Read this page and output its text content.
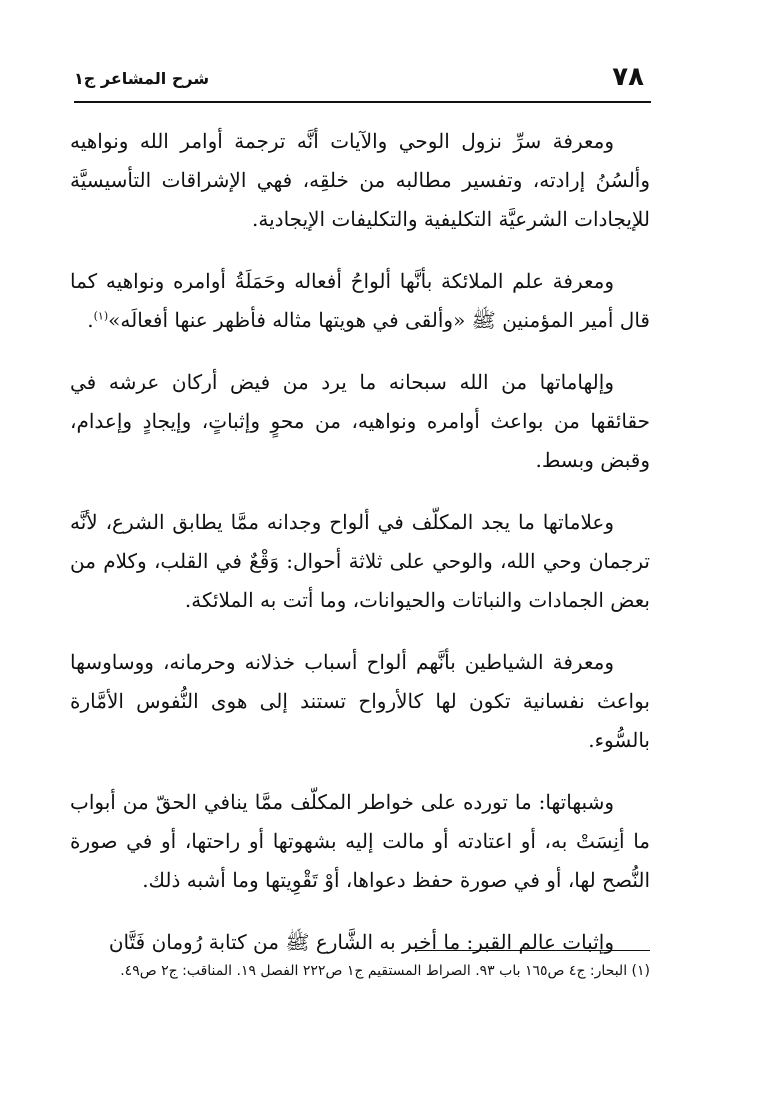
٧٨
شرح المشاعر ج١

ومعرفة سرِّ نزول الوحي والآيات أنَّه ترجمة أوامر الله ونواهيه وألسُنُ إرادته، وتفسير مطالبه من خلقِه، فهي الإشراقات التأسيسيَّة للإيجادات الشرعيَّة التكليفية والتكليفات الإيجادية.

ومعرفة علم الملائكة بأنَّها ألواحُ أفعاله وحَمَلَةُ أوامره ونواهيه كما قال أمير المؤمنين ﷺ «وألقى في هويتها مثاله فأظهر عنها أفعالَه»$^{(١)}$.

وإلهاماتها من الله سبحانه ما يرد من فيض أركان عرشه في حقائقها من بواعث أوامره ونواهيه، من محوٍ وإثباتٍ، وإيجادٍ وإعدام، وقبض وبسط.

وعلاماتها ما يجد المكلّف في ألواح وجدانه ممَّا يطابق الشرع، لأنَّه ترجمان وحي الله، والوحي على ثلاثة أحوال: وَقْعٌ في القلب، وكلام من بعض الجمادات والنباتات والحيوانات، وما أتت به الملائكة.

ومعرفة الشياطين بأنَّهم ألواح أسباب خذلانه وحرمانه، ووساوسها بواعث نفسانية تكون لها كالأرواح تستند إلى هوى النُّفوس الأمَّارة بالسُّوء.

وشبهاتها: ما تورده على خواطر المكلّف ممَّا ينافي الحقّ من أبواب ما أنِسَتْ به، أو اعتادته أو مالت إليه بشهوتها أو راحتها، أو في صورة النُّصح لها، أو في صورة حفظ دعواها، أوْ تَقْوِيتها وما أشبه ذلك.

وإثبات عالم القبر: ما أخبر به الشَّارع ﷺ من كتابة رُومان فَتَّان

(١) البحار: ج٤ ص١٦٥ باب ٩٣. الصراط المستقيم ج١ ص٢٢٢ الفصل ١٩. المناقب: ج٢ ص٤٩.
